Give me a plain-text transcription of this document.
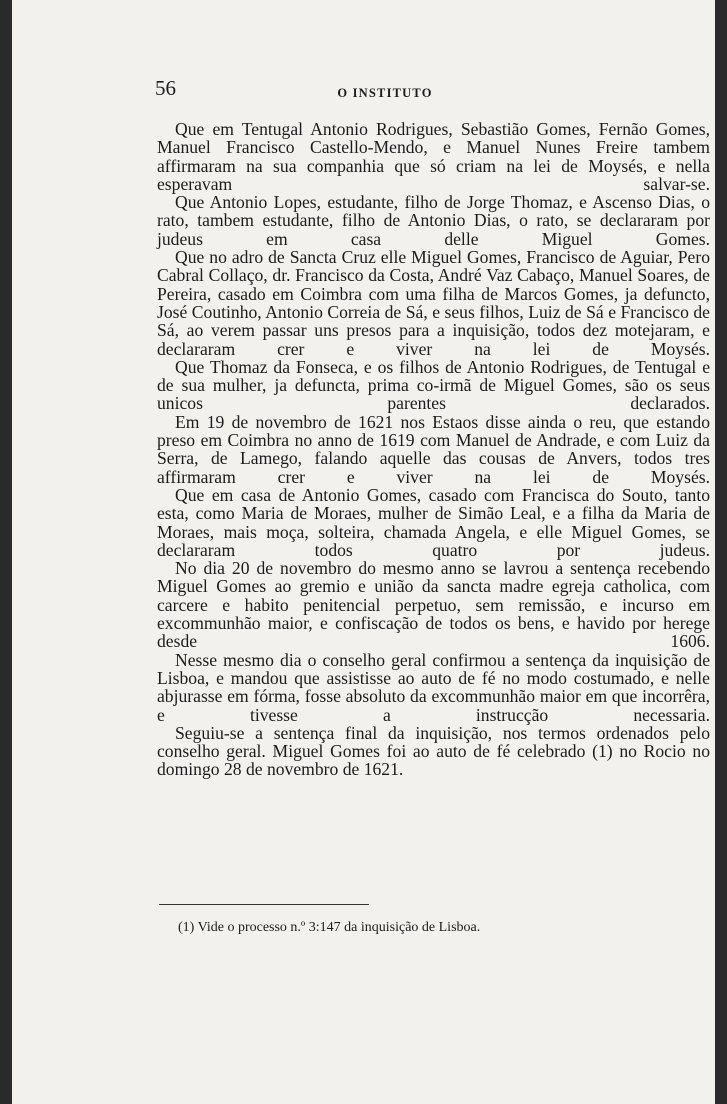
56	O INSTITUTO

Que em Tentugal Antonio Rodrigues, Sebastião Gomes, Fernão Gomes, Manuel Francisco Castello-Mendo, e Manuel Nunes Freire tambem affirmaram na sua companhia que só criam na lei de Moysés, e nella esperavam salvar-se.

Que Antonio Lopes, estudante, filho de Jorge Thomaz, e Ascenso Dias, o rato, tambem estudante, filho de Antonio Dias, o rato, se declararam por judeus em casa delle Miguel Gomes.

Que no adro de Sancta Cruz elle Miguel Gomes, Francisco de Aguiar, Pero Cabral Collaço, dr. Francisco da Costa, André Vaz Cabaço, Manuel Soares, de Pereira, casado em Coimbra com uma filha de Marcos Gomes, ja defuncto, José Coutinho, Antonio Correia de Sá, e seus filhos, Luiz de Sá e Francisco de Sá, ao verem passar uns presos para a inquisição, todos dez motejaram, e declararam crer e viver na lei de Moysés.

Que Thomaz da Fonseca, e os filhos de Antonio Rodrigues, de Tentugal e de sua mulher, ja defuncta, prima co-irmã de Miguel Gomes, são os seus unicos parentes declarados.

Em 19 de novembro de 1621 nos Estaos disse ainda o reu, que estando preso em Coimbra no anno de 1619 com Manuel de Andrade, e com Luiz da Serra, de Lamego, falando aquelle das cousas de Anvers, todos tres affirmaram crer e viver na lei de Moysés.

Que em casa de Antonio Gomes, casado com Francisca do Souto, tanto esta, como Maria de Moraes, mulher de Simão Leal, e a filha da Maria de Moraes, mais moça, solteira, chamada Angela, e elle Miguel Gomes, se declararam todos quatro por judeus.

No dia 20 de novembro do mesmo anno se lavrou a sentença recebendo Miguel Gomes ao gremio e união da sancta madre egreja catholica, com carcere e habito penitencial perpetuo, sem remissão, e incurso em excommunhão maior, e confiscação de todos os bens, e havido por herege desde 1606.

Nesse mesmo dia o conselho geral confirmou a sentença da inquisição de Lisboa, e mandou que assistisse ao auto de fé no modo costumado, e nelle abjurasse em fórma, fosse absoluto da excommunhão maior em que incorrêra, e tivesse a instrucção necessaria.

Seguiu-se a sentença final da inquisição, nos termos ordenados pelo conselho geral. Miguel Gomes foi ao auto de fé celebrado (1) no Rocio no domingo 28 de novembro de 1621.

(1) Vide o processo n.º 3:147 da inquisição de Lisboa.
